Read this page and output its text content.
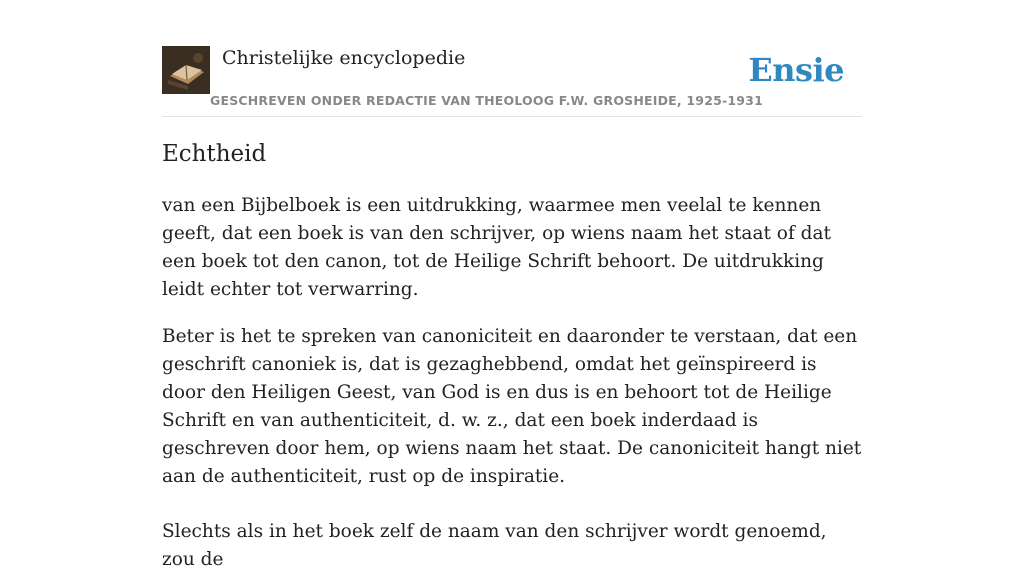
Christelijke encyclopedie
GESCHREVEN ONDER REDACTIE VAN THEOLOOG F.W. GROSHEIDE, 1925-1931
Ensie
Echtheid

van een Bijbelboek is een uitdrukking, waarmee men veelal te kennen geeft, dat een boek is van den schrijver, op wiens naam het staat of dat een boek tot den canon, tot de Heilige Schrift behoort. De uitdrukking leidt echter tot verwarring.

Beter is het te spreken van canoniciteit en daaronder te verstaan, dat een geschrift canoniek is, dat is gezaghebbend, omdat het geïnspireerd is door den Heiligen Geest, van God is en dus is en behoort tot de Heilige Schrift en van authenticiteit, d. w. z., dat een boek inderdaad is geschreven door hem, op wiens naam het staat. De canoniciteit hangt niet aan de authenticiteit, rust op de inspiratie.

Slechts als in het boek zelf de naam van den schrijver wordt genoemd, zou de
